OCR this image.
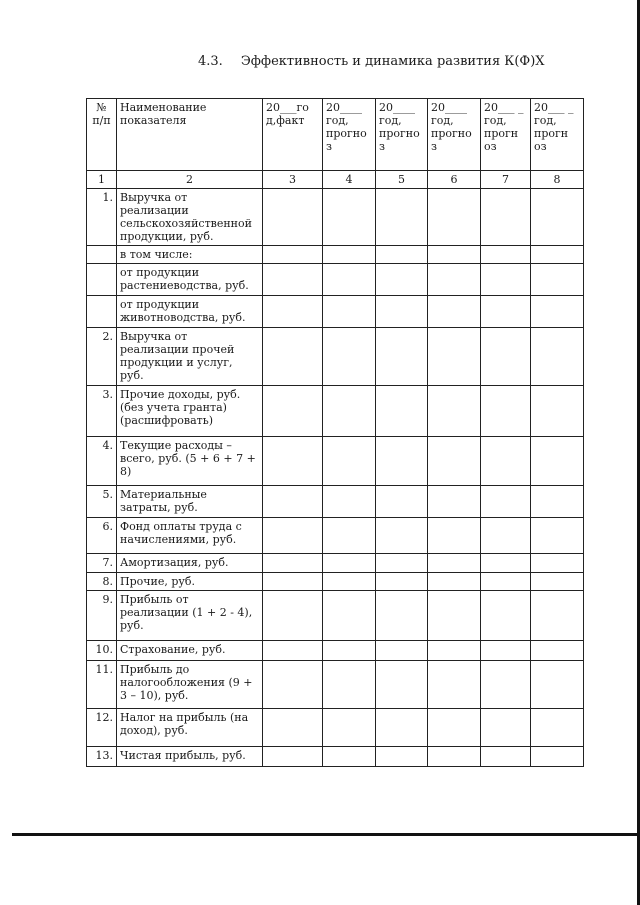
4.3. Эффективность и динамика развития К(Ф)Х
№ п/п	Наименование показателя	20___го д,факт	20____ год, прогно з	20____ год, прогно з	20____ год, прогно з	20___ _ год, прогн оз	20___ _ год, прогн оз
1	2	3	4	5	6	7	8
1.	Выручка от реализации сельскохозяйственной продукции, руб.						
	в том числе:						
	от продукции растениеводства, руб.						
	от продукции животноводства, руб.						
2.	Выручка от реализации прочей продукции и услуг, руб.						
3.	Прочие доходы, руб. (без учета гранта) (расшифровать)						
4.	Текущие расходы – всего, руб. (5 + 6 + 7 + 8)						
5.	Материальные затраты, руб.						
6.	Фонд оплаты труда с начислениями, руб.						
7.	Амортизация, руб.						
8.	Прочие, руб.						
9.	Прибыль от реализации (1 + 2 - 4), руб.						
10.	Страхование, руб.						
11.	Прибыль до налогообложения (9 + 3 – 10), руб.						
12.	Налог на прибыль (на доход), руб.						
13.	Чистая прибыль, руб.						
